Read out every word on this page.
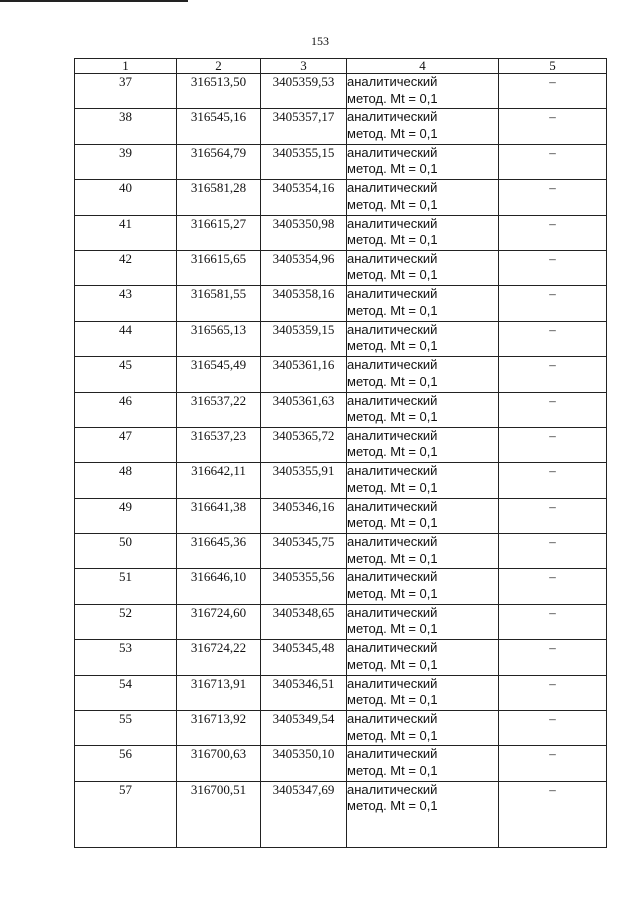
153
1	2	3	4	5
37	316513,50	3405359,53	аналитический
метод. Mt = 0,1	–
38	316545,16	3405357,17	аналитический
метод. Mt = 0,1	–
39	316564,79	3405355,15	аналитический
метод. Mt = 0,1	–
40	316581,28	3405354,16	аналитический
метод. Mt = 0,1	–
41	316615,27	3405350,98	аналитический
метод. Mt = 0,1	–
42	316615,65	3405354,96	аналитический
метод. Mt = 0,1	–
43	316581,55	3405358,16	аналитический
метод. Mt = 0,1	–
44	316565,13	3405359,15	аналитический
метод. Mt = 0,1	–
45	316545,49	3405361,16	аналитический
метод. Mt = 0,1	–
46	316537,22	3405361,63	аналитический
метод. Mt = 0,1	–
47	316537,23	3405365,72	аналитический
метод. Mt = 0,1	–
48	316642,11	3405355,91	аналитический
метод. Mt = 0,1	–
49	316641,38	3405346,16	аналитический
метод. Mt = 0,1	–
50	316645,36	3405345,75	аналитический
метод. Mt = 0,1	–
51	316646,10	3405355,56	аналитический
метод. Mt = 0,1	–
52	316724,60	3405348,65	аналитический
метод. Mt = 0,1	–
53	316724,22	3405345,48	аналитический
метод. Mt = 0,1	–
54	316713,91	3405346,51	аналитический
метод. Mt = 0,1	–
55	316713,92	3405349,54	аналитический
метод. Mt = 0,1	–
56	316700,63	3405350,10	аналитический
метод. Mt = 0,1	–
57	316700,51	3405347,69	аналитический
метод. Mt = 0,1	–
